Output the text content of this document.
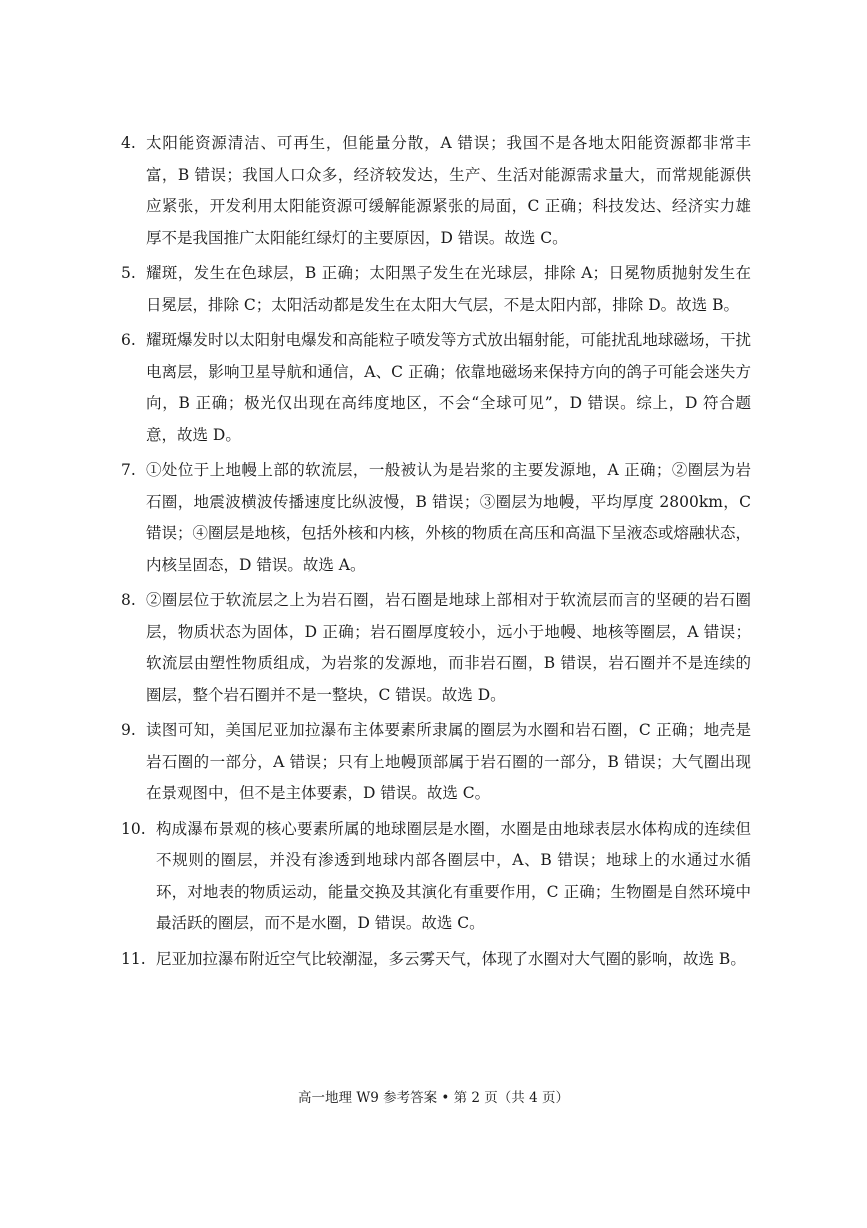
4. 太阳能资源清洁、可再生，但能量分散，A 错误；我国不是各地太阳能资源都非常丰富，B 错误；我国人口众多，经济较发达，生产、生活对能源需求量大，而常规能源供应紧张，开发利用太阳能资源可缓解能源紧张的局面，C 正确；科技发达、经济实力雄厚不是我国推广太阳能红绿灯的主要原因，D 错误。故选 C。
5. 耀斑，发生在色球层，B 正确；太阳黑子发生在光球层，排除 A；日冕物质抛射发生在日冕层，排除 C；太阳活动都是发生在太阳大气层，不是太阳内部，排除 D。故选 B。
6. 耀斑爆发时以太阳射电爆发和高能粒子喷发等方式放出辐射能，可能扰乱地球磁场，干扰电离层，影响卫星导航和通信，A、C 正确；依靠地磁场来保持方向的鸽子可能会迷失方向，B 正确；极光仅出现在高纬度地区，不会“全球可见”，D 错误。综上，D 符合题意，故选 D。
7. ①处位于上地幔上部的软流层，一般被认为是岩浆的主要发源地，A 正确；②圈层为岩石圈，地震波横波传播速度比纵波慢，B 错误；③圈层为地幔，平均厚度 2800km，C 错误；④圈层是地核，包括外核和内核，外核的物质在高压和高温下呈液态或熔融状态，内核呈固态，D 错误。故选 A。
8. ②圈层位于软流层之上为岩石圈，岩石圈是地球上部相对于软流层而言的坚硬的岩石圈层，物质状态为固体，D 正确；岩石圈厚度较小，远小于地幔、地核等圈层，A 错误；软流层由塑性物质组成，为岩浆的发源地，而非岩石圈，B 错误，岩石圈并不是连续的圈层，整个岩石圈并不是一整块，C 错误。故选 D。
9. 读图可知，美国尼亚加拉瀑布主体要素所隶属的圈层为水圈和岩石圈，C 正确；地壳是岩石圈的一部分，A 错误；只有上地幔顶部属于岩石圈的一部分，B 错误；大气圈出现在景观图中，但不是主体要素，D 错误。故选 C。
10. 构成瀑布景观的核心要素所属的地球圈层是水圈，水圈是由地球表层水体构成的连续但不规则的圈层，并没有渗透到地球内部各圈层中，A、B 错误；地球上的水通过水循环，对地表的物质运动，能量交换及其演化有重要作用，C 正确；生物圈是自然环境中最活跃的圈层，而不是水圈，D 错误。故选 C。
11. 尼亚加拉瀑布附近空气比较潮湿，多云雾天气，体现了水圈对大气圈的影响，故选 B。
高一地理 W9 参考答案 • 第 2 页（共 4 页）
